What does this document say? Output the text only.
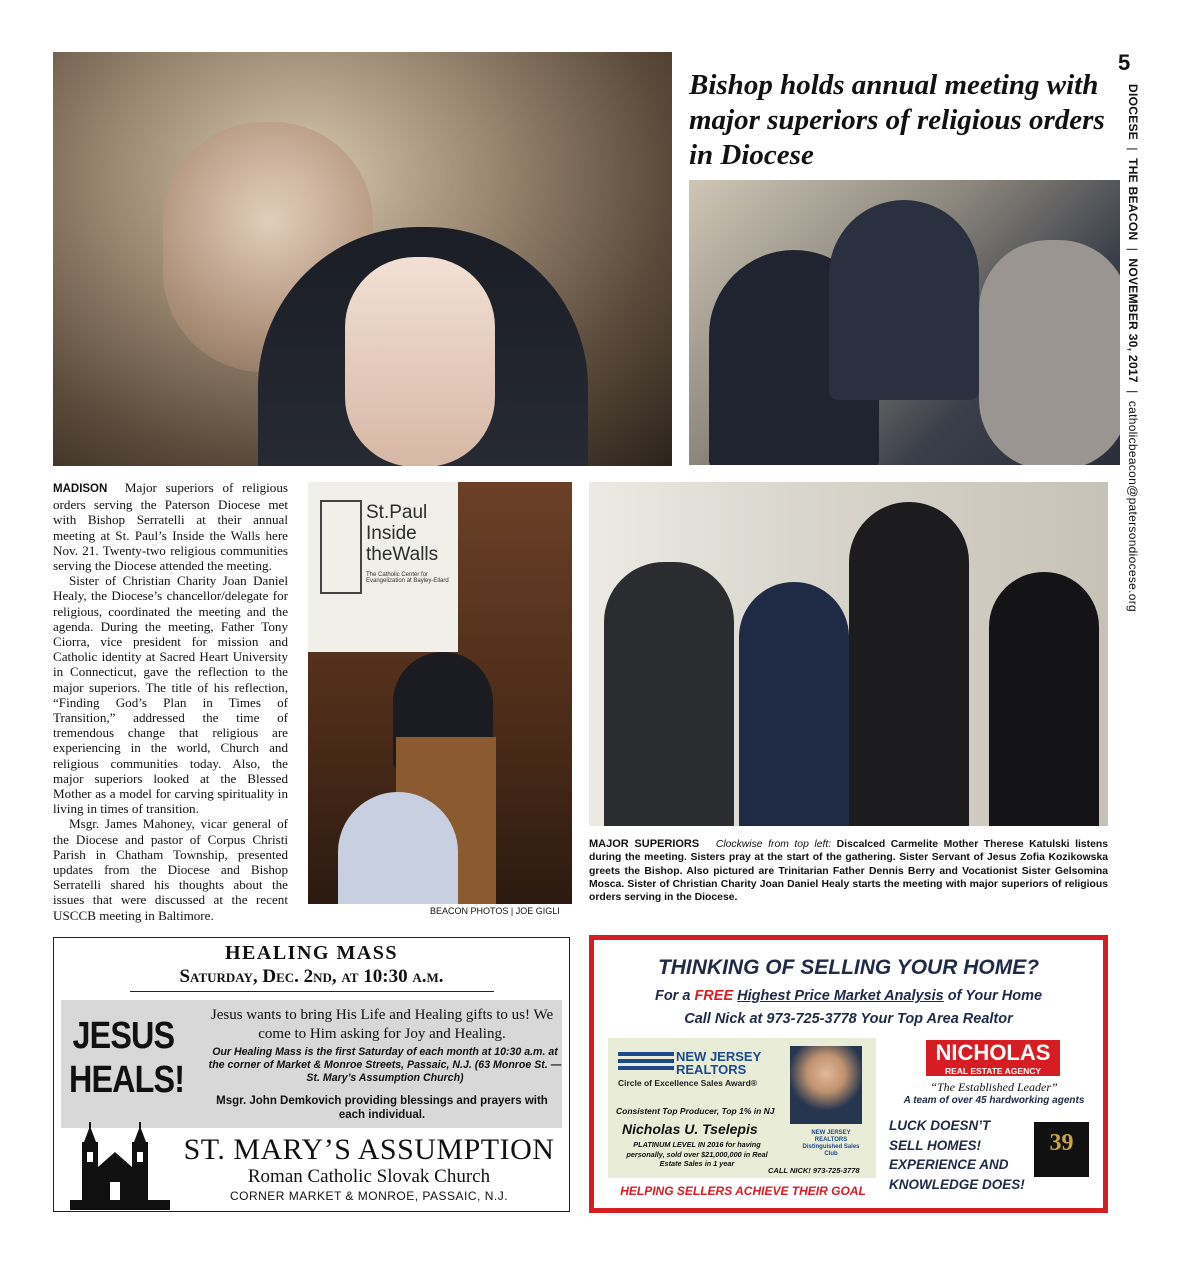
5
DIOCESE  |  THE BEACON  |  NOVEMBER 30, 2017  |  catholicbeacon@patersondiocese.org
Bishop holds annual meeting with major superiors of religious orders in Diocese
St.Paul
Inside
theWalls
The Catholic Center for Evangelization at Bayley-Ellard

MADISON Major superiors of religious orders serving the Paterson Diocese met with Bishop Serratelli at their annual meeting at St. Paul’s Inside the Walls here Nov. 21. Twenty-two religious communities serving the Diocese attended the meeting.

Sister of Christian Charity Joan Daniel Healy, the Diocese’s chancellor/delegate for religious, coordinated the meeting and the agenda. During the meeting, Father Tony Ciorra, vice president for mission and Catholic identity at Sacred Heart University in Connecticut, gave the reflection to the major superiors. The title of his reflection, “Finding God’s Plan in Times of Transition,” addressed the time of tremendous change that religious are experiencing in the world, Church and religious communities today. Also, the major superiors looked at the Blessed Mother as a model for carving spirituality in living in times of transition.

Msgr. James Mahoney, vicar general of the Diocese and pastor of Corpus Christi Parish in Chatham Township, presented updates from the Diocese and Bishop Serratelli shared his thoughts about the issues that were discussed at the recent USCCB meeting in Baltimore.	BEACON PHOTOS | JOE GIGLI
MAJOR SUPERIORS Clockwise from top left: Discalced Carmelite Mother Therese Katulski listens during the meeting. Sisters pray at the start of the gathering. Sister Servant of Jesus Zofia Kozikowska greets the Bishop. Also pictured are Trinitarian Father Dennis Berry and Vocationist Sister Gelsomina Mosca. Sister of Christian Charity Joan Daniel Healy starts the meeting with major superiors of religious orders serving in the Diocese.
HEALING MASS
Saturday, Dec. 2nd, at 10:30 a.m.
JESUS
HEALS!
Jesus wants to bring His Life and Healing gifts to us! We come to Him asking for Joy and Healing.
Our Healing Mass is the first Saturday of each month at 10:30 a.m. at the corner of Market & Monroe Streets, Passaic, N.J. (63 Monroe St. — St. Mary’s Assumption Church)
Msgr. John Demkovich providing blessings and prayers with each individual.
ST. MARY’S ASSUMPTION
Roman Catholic Slovak Church
CORNER MARKET & MONROE, PASSAIC, N.J.
THINKING OF SELLING YOUR HOME?
For a FREE Highest Price Market Analysis of Your Home
Call Nick at 973-725-3778 Your Top Area Realtor
NEW JERSEY
REALTORS
Circle of Excellence Sales Award®
Consistent Top Producer, Top 1% in NJ
Nicholas U. Tselepis
PLATINUM LEVEL IN 2016 for having personally, sold over $21,000,000 in Real Estate Sales in 1 year
CALL NICK! 973-725-3778
NEW JERSEY REALTORS Distinguished Sales Club
NICHOLAS
REAL ESTATE AGENCY
“The Established Leader”
A team of over 45 hardworking agents
LUCK DOESN’T
SELL HOMES!
EXPERIENCE AND
KNOWLEDGE DOES!
39
HELPING SELLERS ACHIEVE THEIR GOAL
